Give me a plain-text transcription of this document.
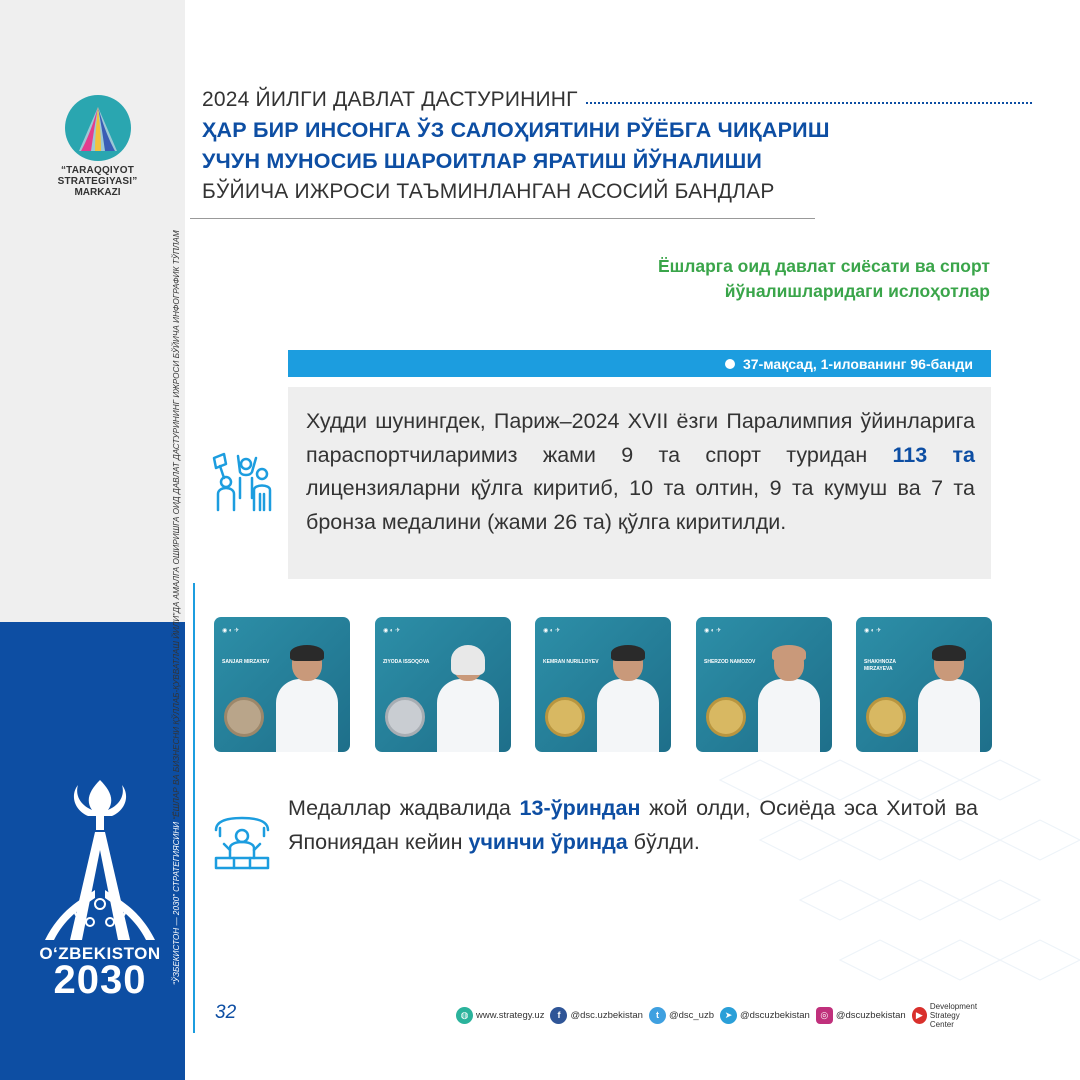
“TARAQQIYOT STRATEGIYASI”
MARKAZI
“ЎЗБЕКИСТОН — 2030” СТРАТЕГИЯСИНИ “ЁШЛАР ВА БИЗНЕСНИ ҚЎЛЛАБ-ҚУВВАТЛАШ ЙИЛИ”ДА АМАЛГА ОШИРИШГА ОИД ДАВЛАТ ДАСТУРИНИНГ ИЖРОСИ БЎЙИЧА ИНФОГРАФИК ТЎПЛАМ
O‘ZBEKISTON
2030
2024 ЙИЛГИ ДАВЛАТ ДАСТУРИНИНГ
ҲАР БИР ИНСОНГА ЎЗ САЛОҲИЯТИНИ РЎЁБГА ЧИҚАРИШ
УЧУН МУНОСИБ ШАРОИТЛАР ЯРАТИШ ЙЎНАЛИШИ
БЎЙИЧА ИЖРОСИ ТАЪМИНЛАНГАН АСОСИЙ БАНДЛАР
Ёшларга оид давлат сиёсати ва спорт
йўналишларидаги ислоҳотлар
37-мақсад, 1-илованинг 96-банди

Худди шунингдек, Париж–2024 XVII ёзги Паралимпия ўйинларига параспортчиларимиз жами 9 та спорт туридан 113 та лицензияларни қўлга киритиб, 10 та олтин, 9 та кумуш ва 7 та бронза медалини (жами 26 та) қўлга киритилди.

◉ ◐ ✈
SANJAR MIRZAYEV
◉ ◐ ✈
ZIYODA ISSOQOVA
◉ ◐ ✈
KEMRAN NURILLOYEV
◉ ◐ ✈
SHERZOD NAMOZOV
◉ ◐ ✈
SHAKHNOZA MIRZAYEVA

Медаллар жадвалида 13-ўриндан жой олди, Осиёда эса Хитой ва Япониядан кейин учинчи ўринда бўлди.

32	◍ www.strategy.uz	f	@dsc.uzbekistan	t	@dsc_uzb	➤ @dscuzbekistan	◎ @dscuzbekistan	▶
Development
Strategy Center
